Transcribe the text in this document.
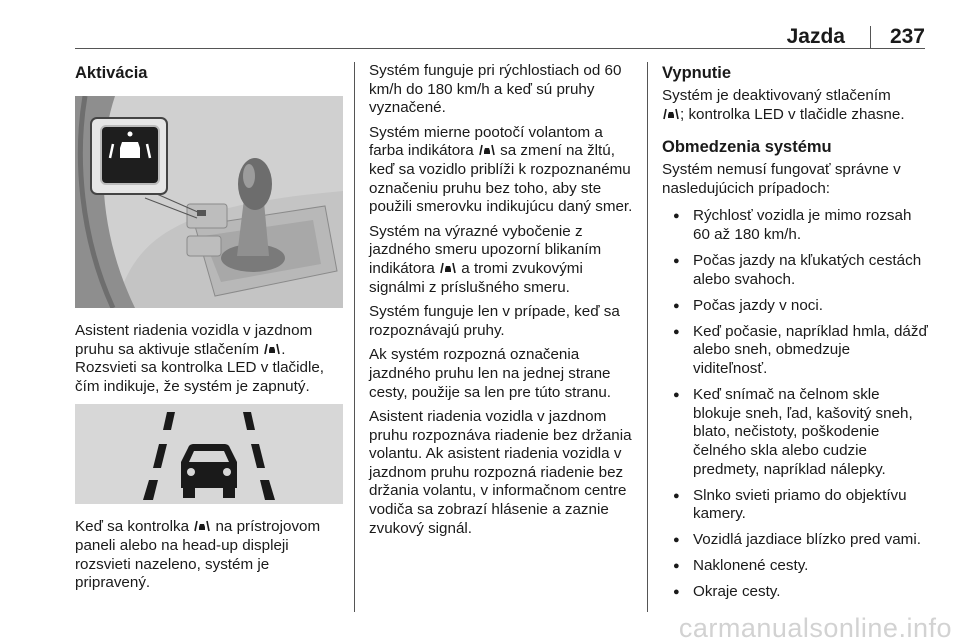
Jazda 237
Aktivácia

Asistent riadenia vozidla v jazdnom pruhu sa aktivuje stlačením . Rozsvieti sa kontrolka LED v tlačidle, čím indikuje, že systém je zapnutý.

Keď sa kontrolka  na prístrojovom paneli alebo na head-up displeji rozsvieti nazeleno, systém je pripravený.

Systém funguje pri rýchlostiach od 60 km/h do 180 km/h a keď sú pruhy vyznačené.

Systém mierne pootočí volantom a farba indikátora  sa zmení na žltú, keď sa vozidlo priblíži k rozpoznanému označeniu pruhu bez toho, aby ste použili smerovku indikujúcu daný smer.

Systém na výrazné vybočenie z jazdného smeru upozorní blikaním indikátora  a tromi zvukovými signálmi z príslušného smeru.

Systém funguje len v prípade, keď sa rozpoznávajú pruhy.

Ak systém rozpozná označenia jazdného pruhu len na jednej strane cesty, použije sa len pre túto stranu.

Asistent riadenia vozidla v jazdnom pruhu rozpoznáva riadenie bez držania volantu. Ak asistent riadenia vozidla v jazdnom pruhu rozpozná riadenie bez držania volantu, v informačnom centre vodiča sa zobrazí hlásenie a zaznie zvukový signál.

Vypnutie

Systém je deaktivovaný stlačením
; kontrolka LED v tlačidle zhasne.

Obmedzenia systému

Systém nemusí fungovať správne v nasledujúcich prípadoch:

● Rýchlosť vozidla je mimo rozsah 60 až 180 km/h.
● Počas jazdy na kľukatých cestách alebo svahoch.
● Počas jazdy v noci.
● Keď počasie, napríklad hmla, dážď alebo sneh, obmedzuje viditeľnosť.
● Keď snímač na čelnom skle blokuje sneh, ľad, kašovitý sneh, blato, nečistoty, poškodenie čelného skla alebo cudzie predmety, napríklad nálepky.
● Slnko svieti priamo do objektívu kamery.
● Vozidlá jazdiace blízko pred vami.
● Naklonené cesty.
● Okraje cesty.
carmanualsonline.info
